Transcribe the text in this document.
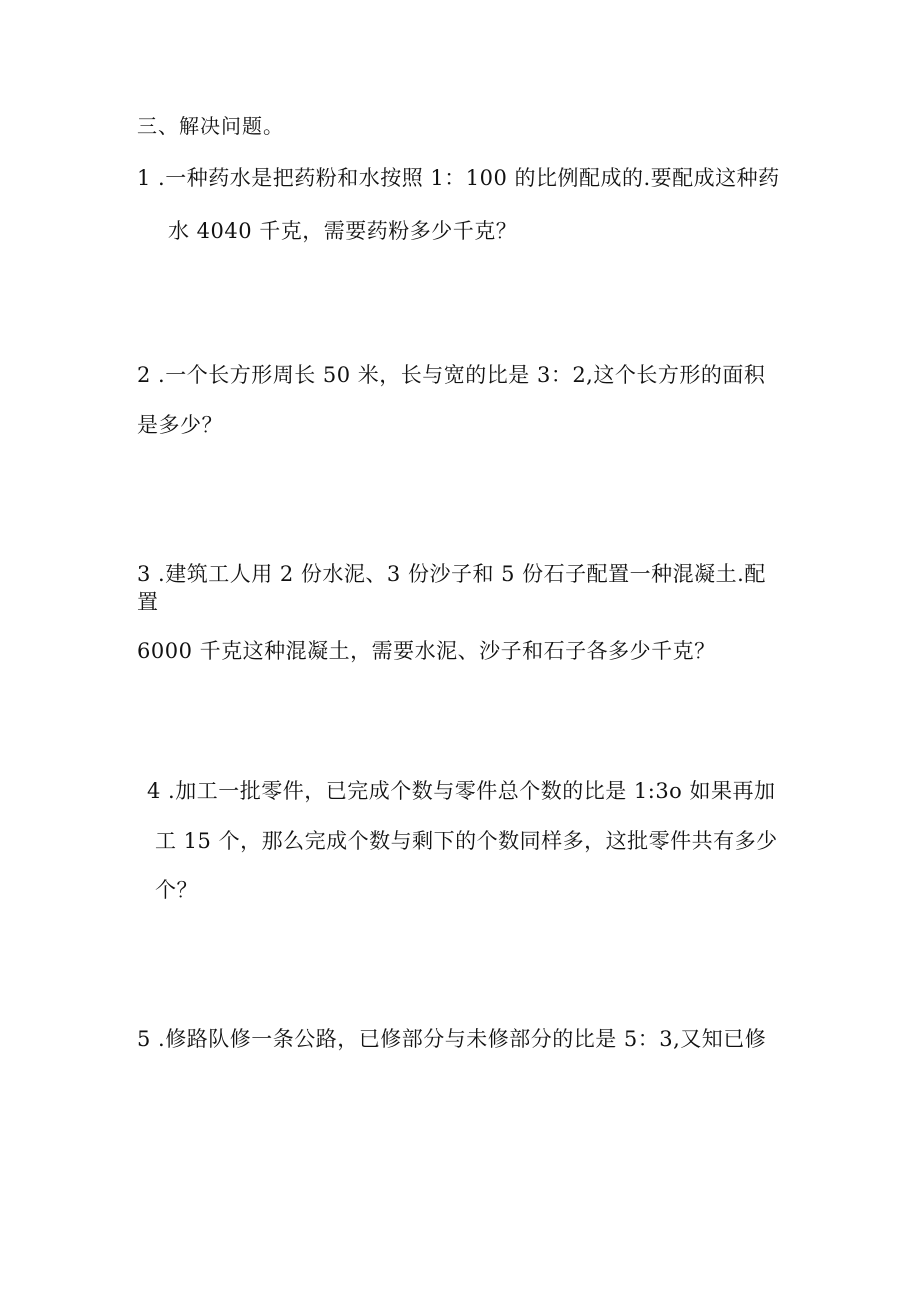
三、解决问题。
1 .一种药水是把药粉和水按照 1：100 的比例配成的.要配成这种药
水 4040 千克，需要药粉多少千克？
2 .一个长方形周长 50 米，长与宽的比是 3：2,这个长方形的面积
是多少？
3 .建筑工人用 2 份水泥、3 份沙子和 5 份石子配置一种混凝土.配
置
6000 千克这种混凝土，需要水泥、沙子和石子各多少千克？
4 .加工一批零件，已完成个数与零件总个数的比是 1:3o 如果再加
工 15 个，那么完成个数与剩下的个数同样多，这批零件共有多少
个？
5 .修路队修一条公路，已修部分与未修部分的比是 5：3,又知已修
